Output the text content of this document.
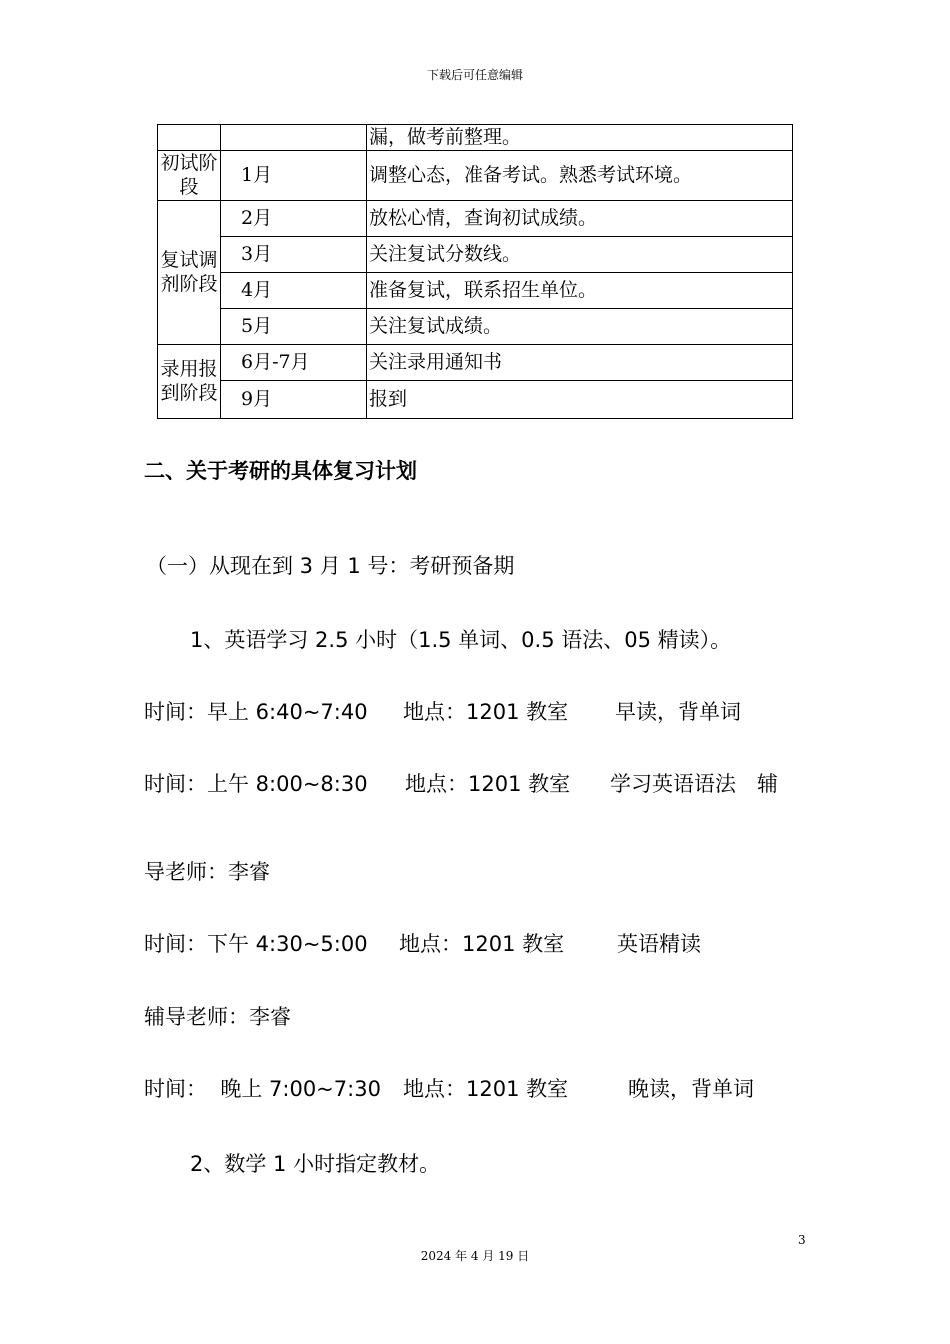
下载后可任意编辑
		漏，做考前整理。
初试阶段	1月	调整心态，准备考试。熟悉考试环境。
复试调剂阶段	2月	放松心情，查询初试成绩。
	3月	关注复试分数线。
	4月	准备复试，联系招生单位。
	5月	关注复试成绩。
录用报到阶段	6月-7月	关注录用通知书
	9月	报到
二、关于考研的具体复习计划
（一）从现在到 3 月 1 号：考研预备期
1、英语学习 2.5 小时（1.5 单词、0.5 语法、05 精读）。
时间：早上 6:40~7:40 地点：1201 教室 早读，背单词
时间：上午 8:00~8:30 地点：1201 教室 学习英语语法　辅
导老师：李睿
时间：下午 4:30~5:00 地点：1201 教室	英语精读
辅导老师：李睿
时间：  晚上 7:00~7:30 地点：1201 教室	晚读，背单词
2、数学 1 小时指定教材。
3
2024 年 4 月 19 日
